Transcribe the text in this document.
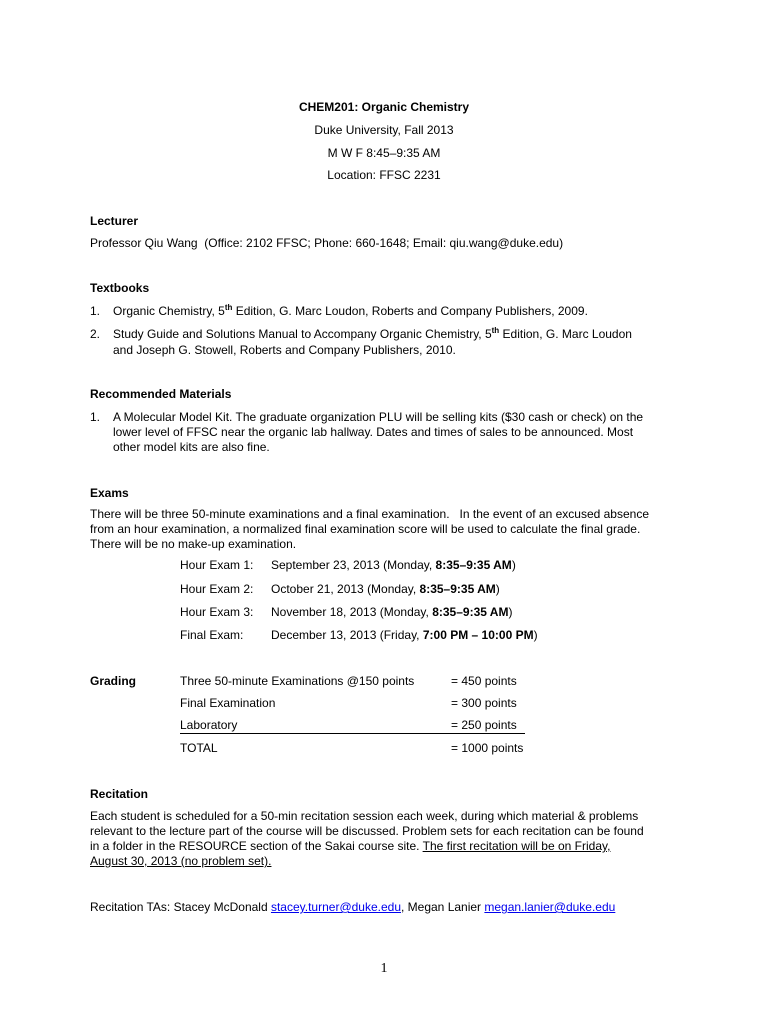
CHEM201: Organic Chemistry
Duke University, Fall 2013
M W F 8:45–9:35 AM
Location: FFSC 2231
Lecturer
Professor Qiu Wang  (Office: 2102 FFSC; Phone: 660-1648; Email: qiu.wang@duke.edu)
Textbooks
1. Organic Chemistry, 5th Edition, G. Marc Loudon, Roberts and Company Publishers, 2009.
2. Study Guide and Solutions Manual to Accompany Organic Chemistry, 5th Edition, G. Marc Loudon
and Joseph G. Stowell, Roberts and Company Publishers, 2010.
Recommended Materials
1. A Molecular Model Kit. The graduate organization PLU will be selling kits ($30 cash or check) on the
lower level of FFSC near the organic lab hallway. Dates and times of sales to be announced. Most
other model kits are also fine.
Exams
There will be three 50-minute examinations and a final examination.   In the event of an excused absence
from an hour examination, a normalized final examination score will be used to calculate the final grade.
There will be no make-up examination.
Hour Exam 1: September 23, 2013 (Monday, 8:35–9:35 AM)
Hour Exam 2: October 21, 2013 (Monday, 8:35–9:35 AM)
Hour Exam 3: November 18, 2013 (Monday, 8:35–9:35 AM)
Final Exam: December 13, 2013 (Friday, 7:00 PM – 10:00 PM)
Grading	Three 50-minute Examinations @150 points	= 450 points
Final Examination	= 300 points
Laboratory	= 250 points
TOTAL	= 1000 points
Recitation
Each student is scheduled for a 50-min recitation session each week, during which material & problems
relevant to the lecture part of the course will be discussed. Problem sets for each recitation can be found
in a folder in the RESOURCE section of the Sakai course site. The first recitation will be on Friday,
August 30, 2013 (no problem set).
Recitation TAs: Stacey McDonald stacey.turner@duke.edu, Megan Lanier megan.lanier@duke.edu
1
